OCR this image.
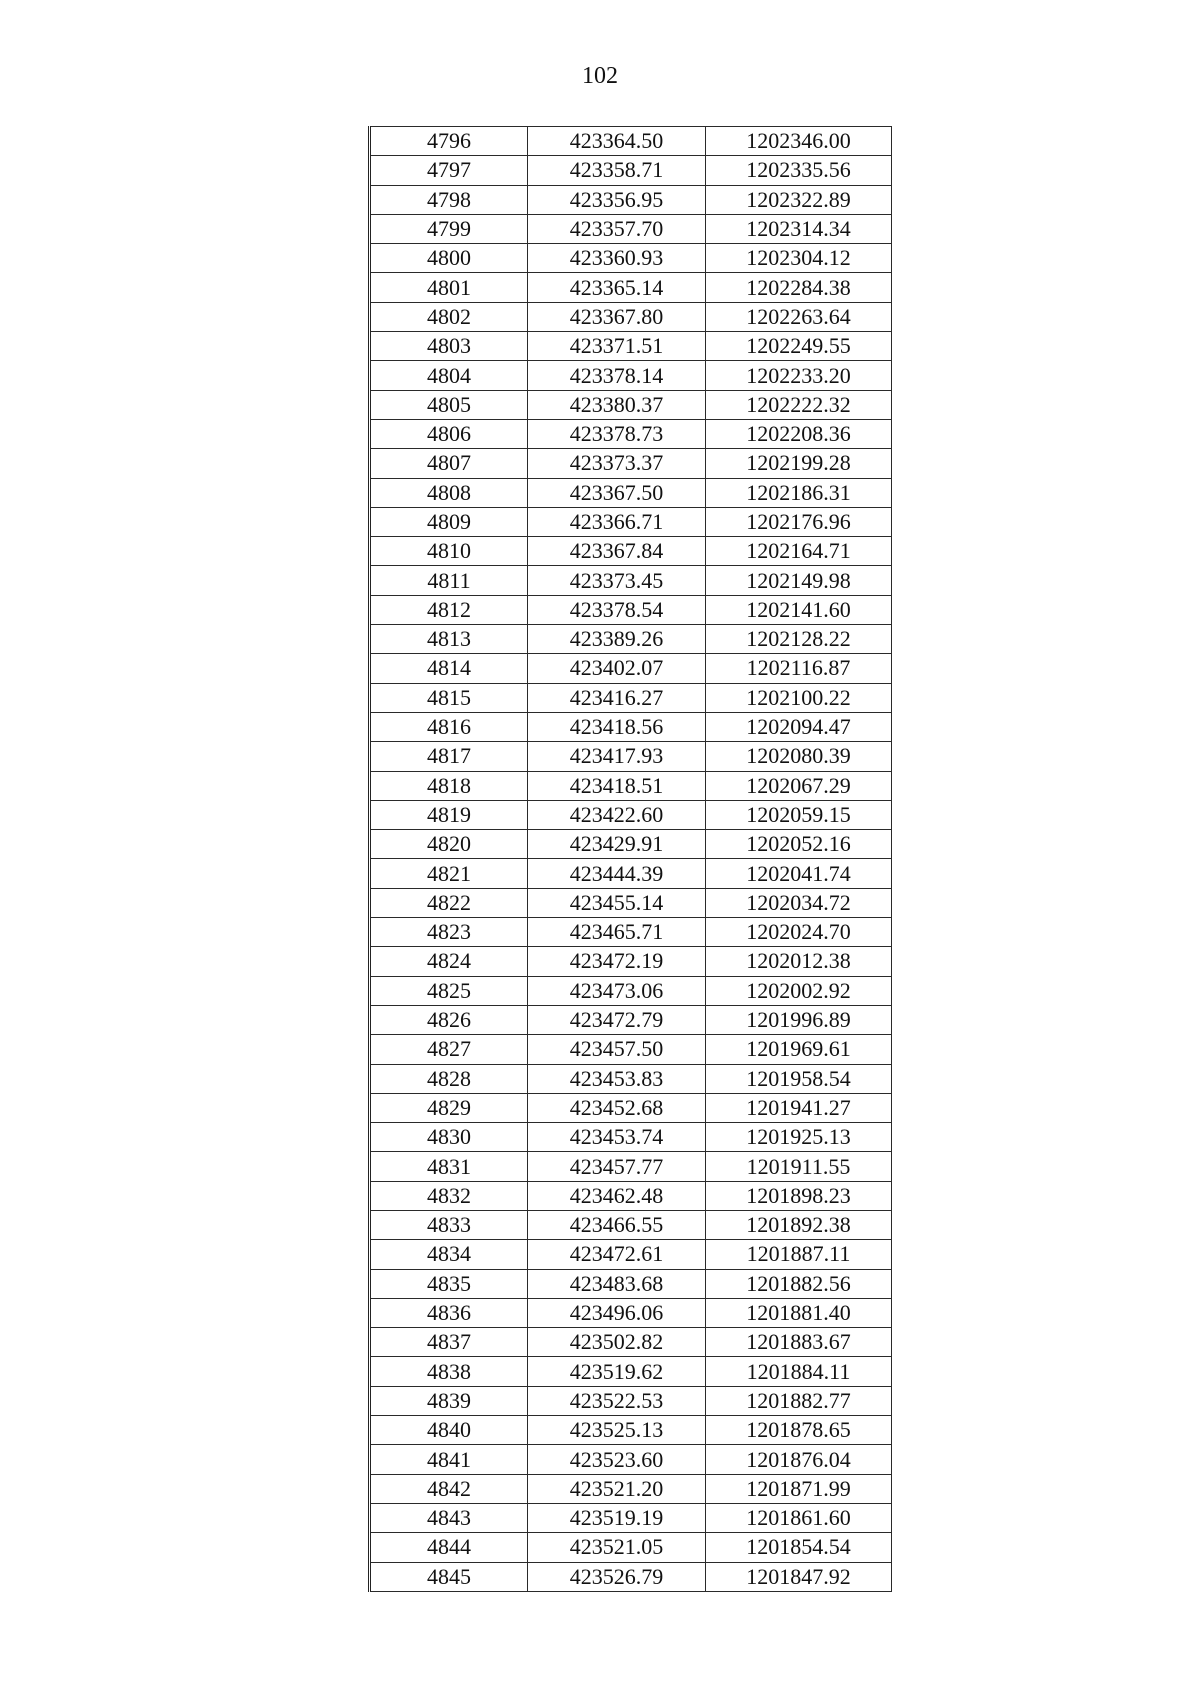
102
4796	423364.50	1202346.00
4797	423358.71	1202335.56
4798	423356.95	1202322.89
4799	423357.70	1202314.34
4800	423360.93	1202304.12
4801	423365.14	1202284.38
4802	423367.80	1202263.64
4803	423371.51	1202249.55
4804	423378.14	1202233.20
4805	423380.37	1202222.32
4806	423378.73	1202208.36
4807	423373.37	1202199.28
4808	423367.50	1202186.31
4809	423366.71	1202176.96
4810	423367.84	1202164.71
4811	423373.45	1202149.98
4812	423378.54	1202141.60
4813	423389.26	1202128.22
4814	423402.07	1202116.87
4815	423416.27	1202100.22
4816	423418.56	1202094.47
4817	423417.93	1202080.39
4818	423418.51	1202067.29
4819	423422.60	1202059.15
4820	423429.91	1202052.16
4821	423444.39	1202041.74
4822	423455.14	1202034.72
4823	423465.71	1202024.70
4824	423472.19	1202012.38
4825	423473.06	1202002.92
4826	423472.79	1201996.89
4827	423457.50	1201969.61
4828	423453.83	1201958.54
4829	423452.68	1201941.27
4830	423453.74	1201925.13
4831	423457.77	1201911.55
4832	423462.48	1201898.23
4833	423466.55	1201892.38
4834	423472.61	1201887.11
4835	423483.68	1201882.56
4836	423496.06	1201881.40
4837	423502.82	1201883.67
4838	423519.62	1201884.11
4839	423522.53	1201882.77
4840	423525.13	1201878.65
4841	423523.60	1201876.04
4842	423521.20	1201871.99
4843	423519.19	1201861.60
4844	423521.05	1201854.54
4845	423526.79	1201847.92
